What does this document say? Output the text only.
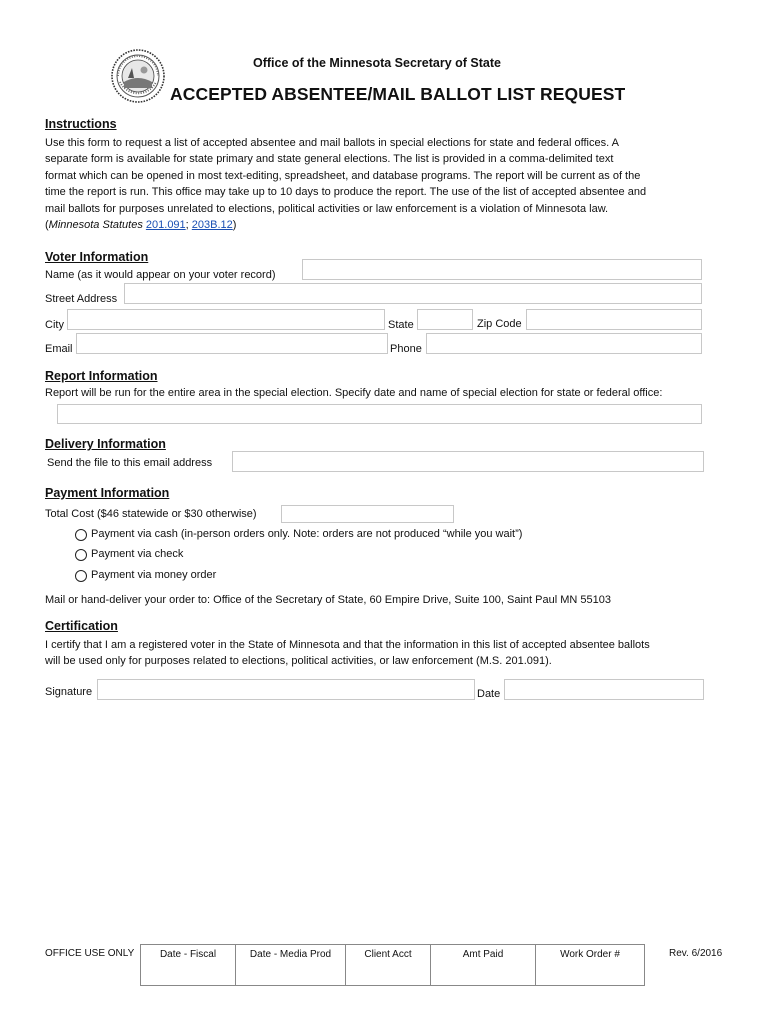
Office of the Minnesota Secretary of State
ACCEPTED ABSENTEE/MAIL BALLOT LIST REQUEST
Instructions

Use this form to request a list of accepted absentee and mail ballots in special elections for state and federal offices. A

separate form is available for state primary and state general elections. The list is provided in a comma-delimited text

format which can be opened in most text-editing, spreadsheet, and database programs. The report will be current as of the

time the report is run. This office may take up to 10 days to produce the report. The use of the list of accepted absentee and

mail ballots for purposes unrelated to elections, political activities or law enforcement is a violation of Minnesota law.

(Minnesota Statutes 201.091; 203B.12)

Voter Information
Name (as it would appear on your voter record)
Street Address
City	State	Zip Code
Email	Phone
Report Information
Report will be run for the entire area in the special election. Specify date and name of special election for state or federal office:
Delivery Information
Send the file to this email address
Payment Information
Total Cost ($46 statewide or $30 otherwise)
Payment via cash (in-person orders only. Note: orders are not produced “while you wait”)
Payment via check
Payment via money order
Mail or hand-deliver your order to: Office of the Secretary of State, 60 Empire Drive, Suite 100, Saint Paul MN 55103
Certification

I certify that I am a registered voter in the State of Minnesota and that the information in this list of accepted absentee ballots

will be used only for purposes related to elections, political activities, or law enforcement (M.S. 201.091).

Signature	Date
OFFICE USE ONLY	Date - Fiscal	Date - Media Prod	Client Acct	Amt Paid	Work Order #	Rev. 6/2016
